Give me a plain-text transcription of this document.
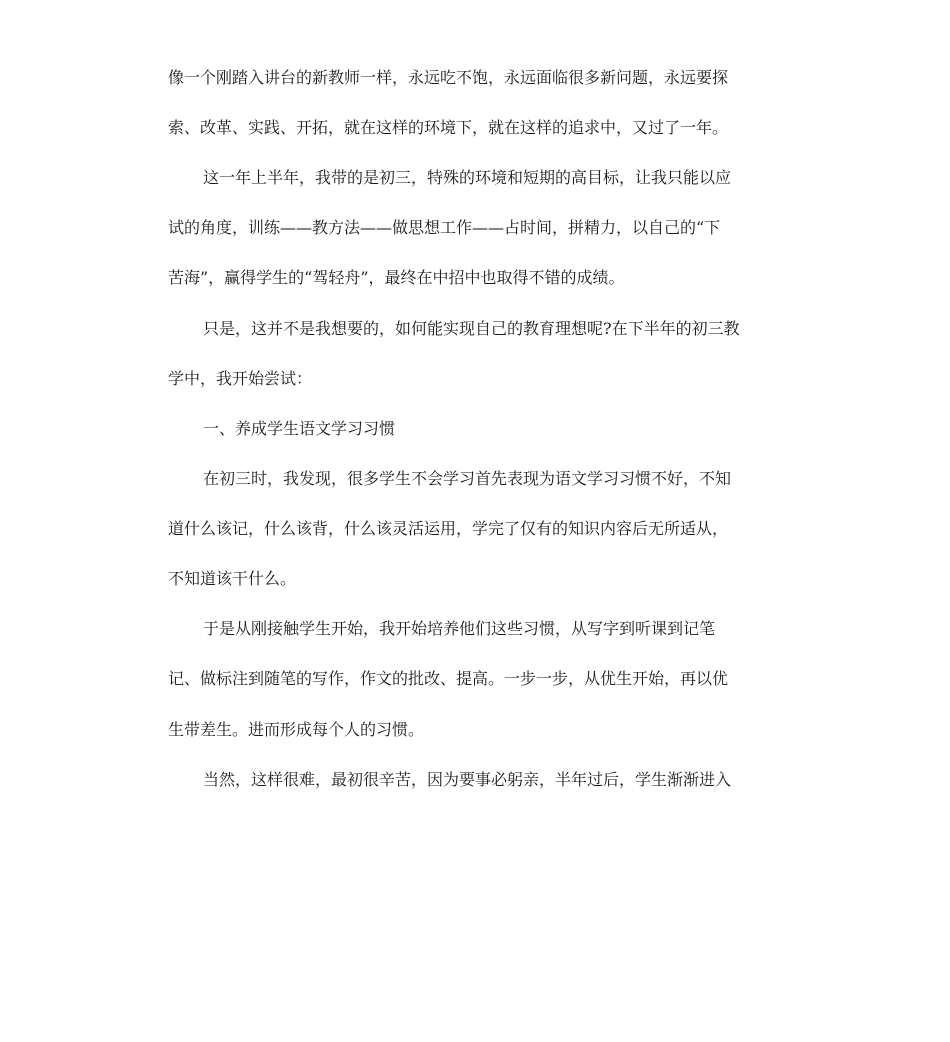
像一个刚踏入讲台的新教师一样，永远吃不饱，永远面临很多新问题，永远要探
索、改革、实践、开拓，就在这样的环境下，就在这样的追求中，又过了一年。
这一年上半年，我带的是初三，特殊的环境和短期的高目标，让我只能以应
试的角度，训练——教方法——做思想工作——占时间，拼精力，以自己的“下
苦海”，赢得学生的“驾轻舟”，最终在中招中也取得不错的成绩。
只是，这并不是我想要的，如何能实现自己的教育理想呢?在下半年的初三教
学中，我开始尝试：
一、养成学生语文学习习惯
在初三时，我发现，很多学生不会学习首先表现为语文学习习惯不好，不知
道什么该记，什么该背，什么该灵活运用，学完了仅有的知识内容后无所适从，
不知道该干什么。
于是从刚接触学生开始，我开始培养他们这些习惯，从写字到听课到记笔
记、做标注到随笔的写作，作文的批改、提高。一步一步，从优生开始，再以优
生带差生。进而形成每个人的习惯。
当然，这样很难，最初很辛苦，因为要事必躬亲，半年过后，学生渐渐进入
